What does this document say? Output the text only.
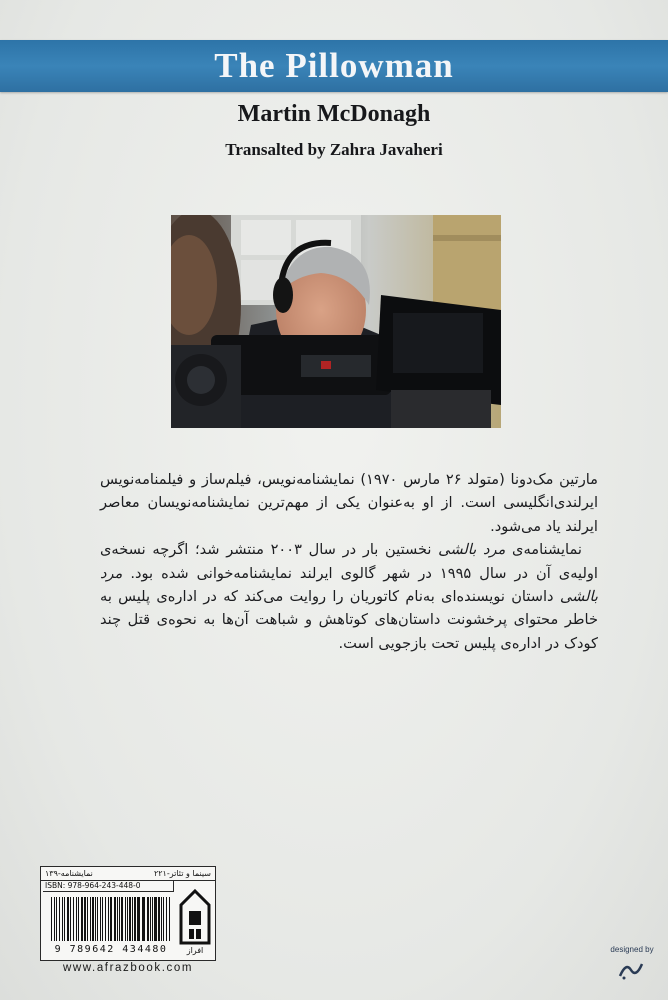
The Pillowman
Martin McDonagh
Transalted by Zahra Javaheri

مارتین مک‌دونا (متولد ۲۶ مارس ۱۹۷۰) نمایشنامه‌نویس، فیلم‌ساز و فیلمنامه‌نویس ایرلندی‌انگلیسی است. از او به‌عنوان یکی از مهم‌ترین نمایشنامه‌نویسان معاصر ایرلند یاد می‌شود.

نمایشنامه‌ی مرد بالشی نخستین بار در سال ۲۰۰۳ منتشر شد؛ اگرچه نسخه‌ی اولیه‌ی آن در سال ۱۹۹۵ در شهر گالوی ایرلند نمایشنامه‌خوانی شده بود. مرد بالشی داستان نویسنده‌ای به‌نام کاتوریان را روایت می‌کند که در اداره‌ی پلیس به خاطر محتوای پرخشونت داستان‌های کوتاهش و شباهت آن‌ها به نحوه‌ی قتل چند کودک در اداره‌ی پلیس تحت بازجویی است.

سینما و تئاتر-۲۲۱
نمایشنامه-۱۳۹
ISBN: 978-964-243-448-0
9 789642 434480	افراز
www.afrazbook.com
designed by
